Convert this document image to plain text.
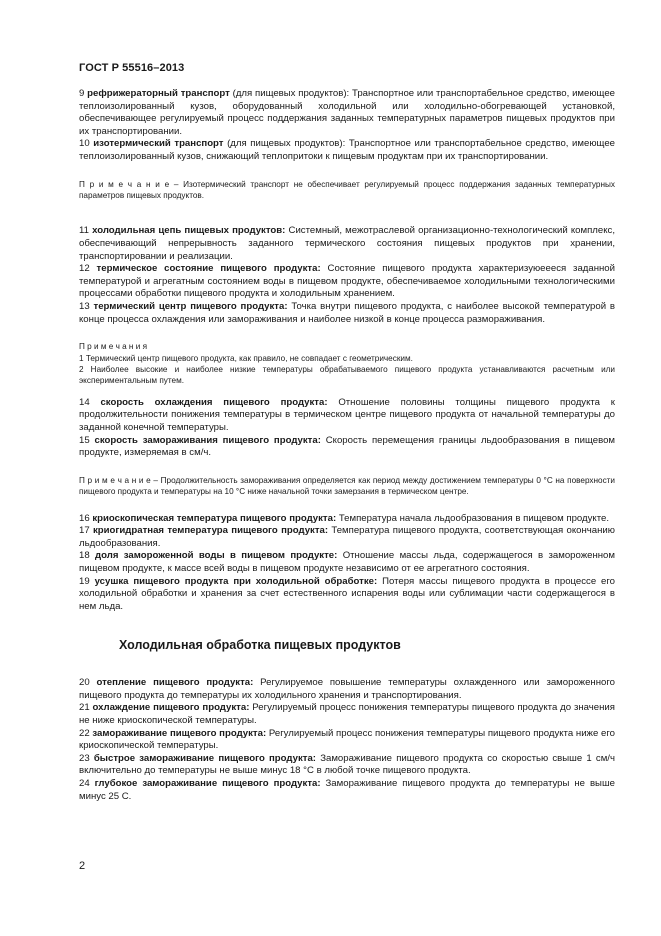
ГОСТ Р 55516–2013

9 рефрижераторный транспорт (для пищевых продуктов): Транспортное или транспортабельное средство, имеющее теплоизолированный кузов, оборудованный холодильной или холодильно-обогревающей установкой, обеспечивающее регулируемый процесс поддержания заданных температурных параметров пищевых продуктов при их транспортировании.

10 изотермический транспорт (для пищевых продуктов): Транспортное или транспортабельное средство, имеющее теплоизолированный кузов, снижающий теплопритоки к пищевым продуктам при их транспортировании.

П р и м е ч а н и е – Изотермический транспорт не обеспечивает регулируемый процесс поддержания заданных температурных параметров пищевых продуктов.

11 холодильная цепь пищевых продуктов: Системный, межотраслевой организационно-технологический комплекс, обеспечивающий непрерывность заданного термического состояния пищевых продуктов при хранении, транспортировании и реализации.

12 термическое состояние пищевого продукта: Состояние пищевого продукта характеризуюеееся заданной температурой и агрегатным состоянием воды в пищевом продукте, обеспечиваемое холодильными технологическими процессами обработки пищевого продукта и холодильным хранением.

13 термический центр пищевого продукта: Точка внутри пищевого продукта, с наиболее высокой температурой в конце процесса охлаждения или замораживания и наиболее низкой в конце процесса размораживания.

П р и м е ч а н и я

1 Термический центр пищевого продукта, как правило, не совпадает с геометрическим.

2 Наиболее высокие и наиболее низкие температуры обрабатываемого пищевого продукта устанавливаются расчетным или экспериментальным путем.

14 скорость охлаждения пищевого продукта: Отношение половины толщины пищевого продукта к продолжительности понижения температуры в термическом центре пищевого продукта от начальной температуры до заданной конечной температуры.

15 скорость замораживания пищевого продукта: Скорость перемещения границы льдообразования в пищевом продукте, измеряемая в см/ч.

П р и м е ч а н и е – Продолжительность замораживания определяется как период между достижением температуры 0 °С на поверхности пищевого продукта и температуры на 10 °С ниже начальной точки замерзания в термическом центре.

16 криоскопическая температура пищевого продукта: Температура начала льдообразования в пищевом продукте.

17 криогидратная температура пищевого продукта: Температура пищевого продукта, соответствующая окончанию льдообразования.

18 доля замороженной воды в пищевом продукте: Отношение массы льда, содержащегося в замороженном пищевом продукте, к массе всей воды в пищевом продукте независимо от ее агрегатного состояния.

19 усушка пищевого продукта при холодильной обработке: Потеря массы пищевого продукта в процессе его холодильной обработки и хранения за счет естественного испарения воды или сублимации части содержащегося в нем льда.

Холодильная обработка пищевых продуктов

20 отепление пищевого продукта: Регулируемое повышение температуры охлажденного или замороженного пищевого продукта до температуры их холодильного хранения и транспортирования.

21 охлаждение пищевого продукта: Регулируемый процесс понижения температуры пищевого продукта до значения не ниже криоскопической температуры.

22 замораживание пищевого продукта: Регулируемый процесс понижения температуры пищевого продукта ниже его криоскопической температуры.

23 быстрое замораживание пищевого продукта: Замораживание пищевого продукта со скоростью свыше 1 см/ч включительно до температуры не выше минус 18 °С в любой точке пищевого продукта.

24 глубокое замораживание пищевого продукта: Замораживание пищевого продукта до температуры не выше минус 25 С.

2
